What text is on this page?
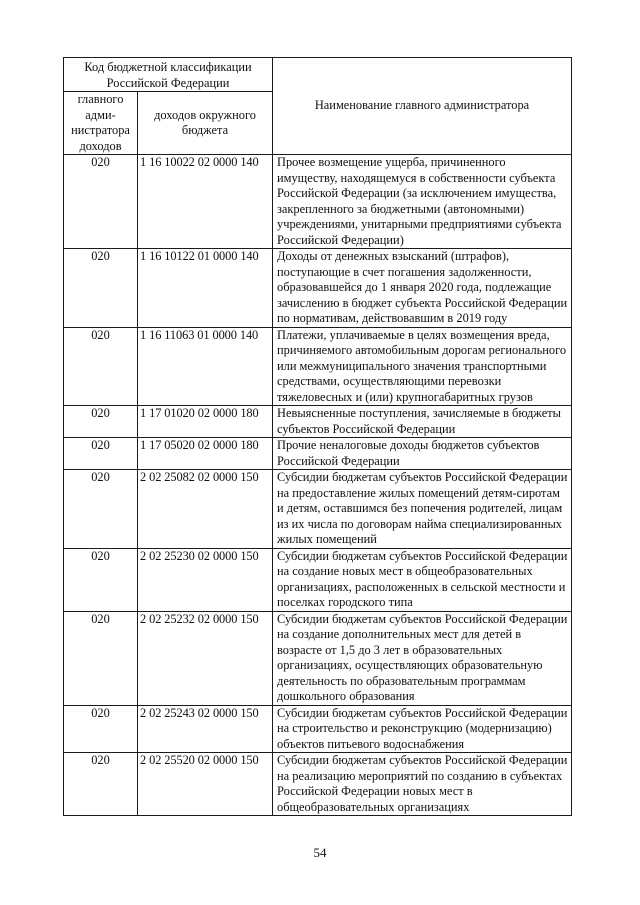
Код бюджетной классификации Российской Федерации		Наименование главного администратора
главного адми-нистратора доходов	доходов окружного бюджета	
020	1 16 10022 02 0000 140	Прочее возмещение ущерба, причиненного имуществу, находящемуся в собственности субъекта Российской Федерации (за исключением имущества, закрепленного за бюджетными (автономными) учреждениями, унитарными предприятиями субъекта Российской Федерации)
020	1 16 10122 01 0000 140	Доходы от денежных взысканий (штрафов), поступающие в счет погашения задолженности, образовавшейся до 1 января 2020 года, подлежащие зачислению в бюджет субъекта Российской Федерации по нормативам, действовавшим в 2019 году
020	1 16 11063 01 0000 140	Платежи, уплачиваемые в целях возмещения вреда, причиняемого автомобильным дорогам регионального или межмуниципального значения транспортными средствами, осуществляющими перевозки тяжеловесных и (или) крупногабаритных грузов
020	1 17 01020 02 0000 180	Невыясненные поступления, зачисляемые в бюджеты субъектов Российской Федерации
020	1 17 05020 02 0000 180	Прочие неналоговые доходы бюджетов субъектов Российской Федерации
020	2 02 25082 02 0000 150	Субсидии бюджетам субъектов Российской Федерации на предоставление жилых помещений детям-сиротам и детям, оставшимся без попечения родителей, лицам из их числа по договорам найма специализированных жилых помещений
020	2 02 25230 02 0000 150	Субсидии бюджетам субъектов Российской Федерации на создание новых мест в общеобразовательных организациях, расположенных в сельской местности и поселках городского типа
020	2 02 25232 02 0000 150	Субсидии бюджетам субъектов Российской Федерации на создание дополнительных мест для детей в возрасте от 1,5 до 3 лет в образовательных организациях, осуществляющих образовательную деятельность по образовательным программам дошкольного образования
020	2 02 25243 02 0000 150	Субсидии бюджетам субъектов Российской Федерации на строительство и реконструкцию (модернизацию) объектов питьевого водоснабжения
020	2 02 25520 02 0000 150	Субсидии бюджетам субъектов Российской Федерации на реализацию мероприятий по созданию в субъектах Российской Федерации новых мест в общеобразовательных организациях
54
